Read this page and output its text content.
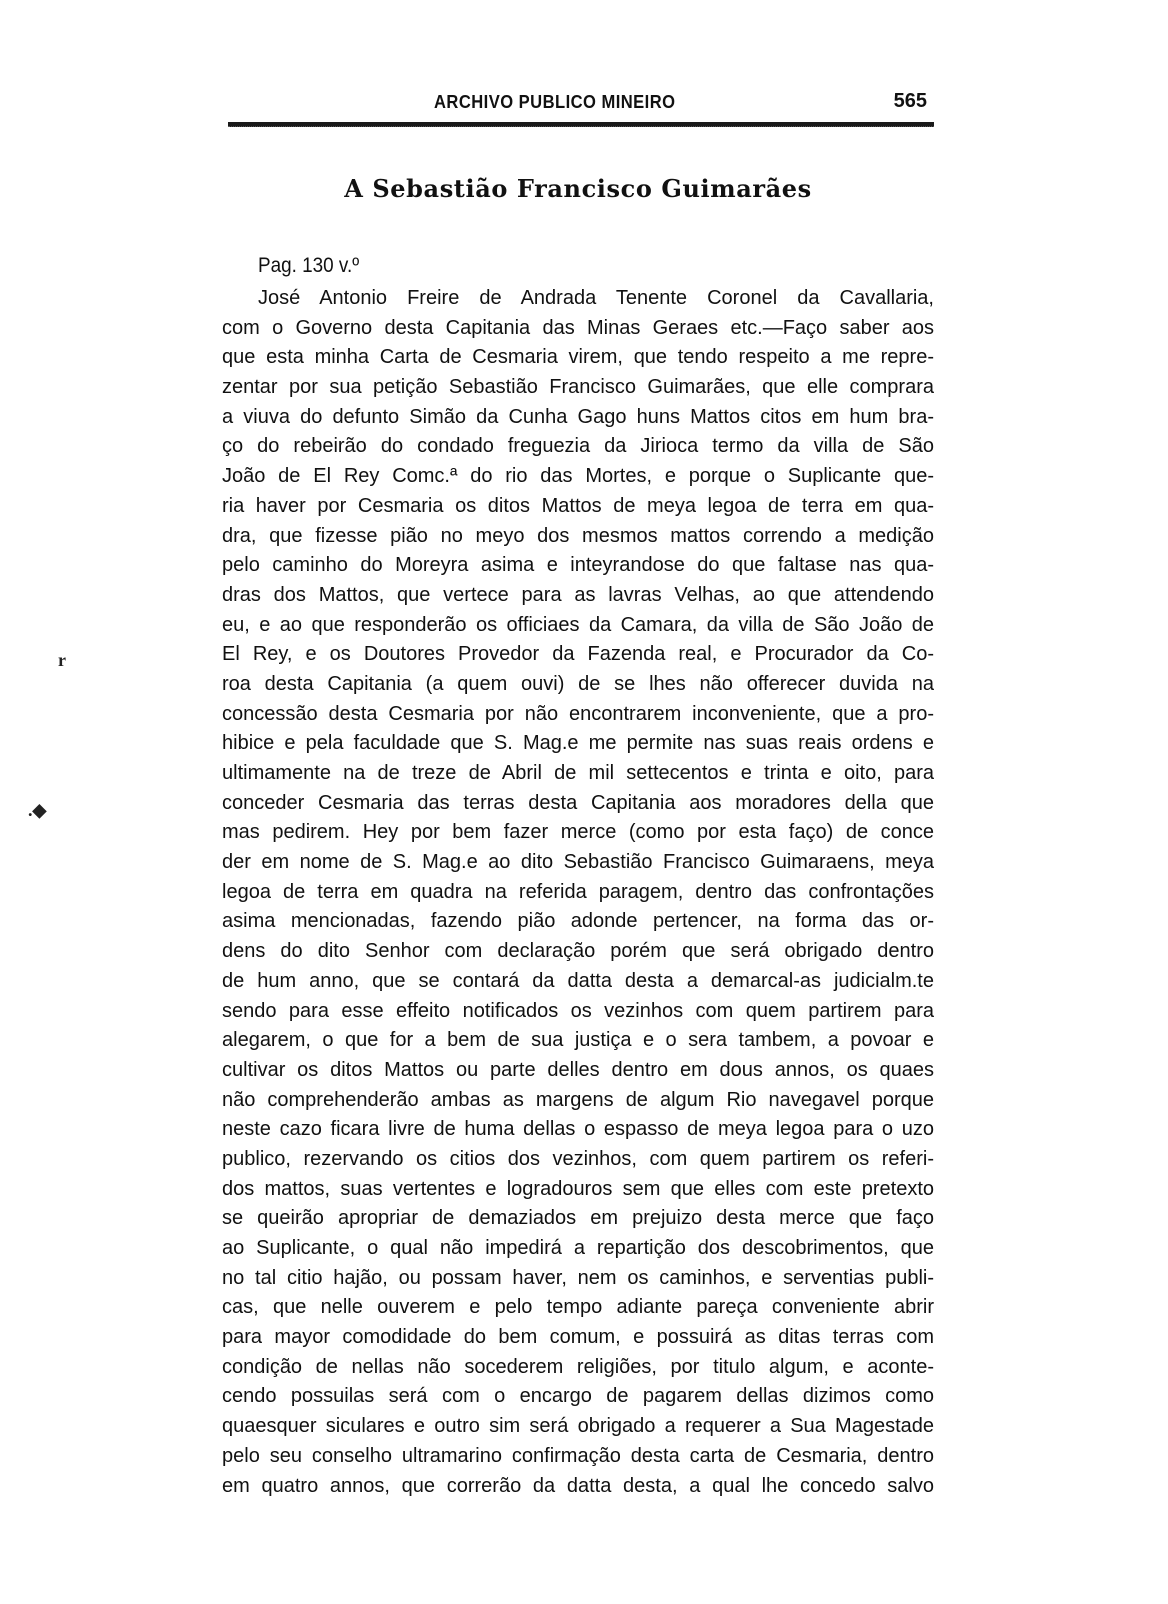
ARCHIVO PUBLICO MINEIRO	565
A Sebastião Francisco Guimarães
Pag. 130 v.º
r
.◆
José Antonio Freire de Andrada Tenente Coronel da Cavallaria,
com o Governo desta Capitania das Minas Geraes etc.—Faço saber aos
que esta minha Carta de Cesmaria virem, que tendo respeito a me repre-
zentar por sua petição Sebastião Francisco Guimarães, que elle comprara
a viuva do defunto Simão da Cunha Gago huns Mattos citos em hum bra-
ço do rebeirão do condado freguezia da Jirioca termo da villa de São
João de El Rey Comc.ª do rio das Mortes, e porque o Suplicante que-
ria haver por Cesmaria os ditos Mattos de meya legoa de terra em qua-
dra, que fizesse pião no meyo dos mesmos mattos correndo a medição
pelo caminho do Moreyra asima e inteyrandose do que faltase nas qua-
dras dos Mattos, que vertece para as lavras Velhas, ao que attendendo
eu, e ao que responderão os officiaes da Camara, da villa de São João de
El Rey, e os Doutores Provedor da Fazenda real, e Procurador da Co-
roa desta Capitania (a quem ouvi) de se lhes não offerecer duvida na
concessão desta Cesmaria por não encontrarem inconveniente, que a pro-
hibice e pela faculdade que S. Mag.e me permite nas suas reais ordens e
ultimamente na de treze de Abril de mil settecentos e trinta e oito, para
conceder Cesmaria das terras desta Capitania aos moradores della que
mas pedirem. Hey por bem fazer merce (como por esta faço) de conce
der em nome de S. Mag.e ao dito Sebastião Francisco Guimaraens, meya
legoa de terra em quadra na referida paragem, dentro das confrontações
asima mencionadas, fazendo pião adonde pertencer, na forma das or-
dens do dito Senhor com declaração porém que será obrigado dentro
de hum anno, que se contará da datta desta a demarcal-as judicialm.te
sendo para esse effeito notificados os vezinhos com quem partirem para
alegarem, o que for a bem de sua justiça e o sera tambem, a povoar e
cultivar os ditos Mattos ou parte delles dentro em dous annos, os quaes
não comprehenderão ambas as margens de algum Rio navegavel porque
neste cazo ficara livre de huma dellas o espasso de meya legoa para o uzo
publico, rezervando os citios dos vezinhos, com quem partirem os referi-
dos mattos, suas vertentes e logradouros sem que elles com este pretexto
se queirão apropriar de demaziados em prejuizo desta merce que faço
ao Suplicante, o qual não impedirá a repartição dos descobrimentos, que
no tal citio hajão, ou possam haver, nem os caminhos, e serventias publi-
cas, que nelle ouverem e pelo tempo adiante pareça conveniente abrir
para mayor comodidade do bem comum, e possuirá as ditas terras com
condição de nellas não socederem religiões, por titulo algum, e aconte-
cendo possuilas será com o encargo de pagarem dellas dizimos como
quaesquer siculares e outro sim será obrigado a requerer a Sua Magestade
pelo seu conselho ultramarino confirmação desta carta de Cesmaria, dentro
em quatro annos, que correrão da datta desta, a qual lhe concedo salvo
